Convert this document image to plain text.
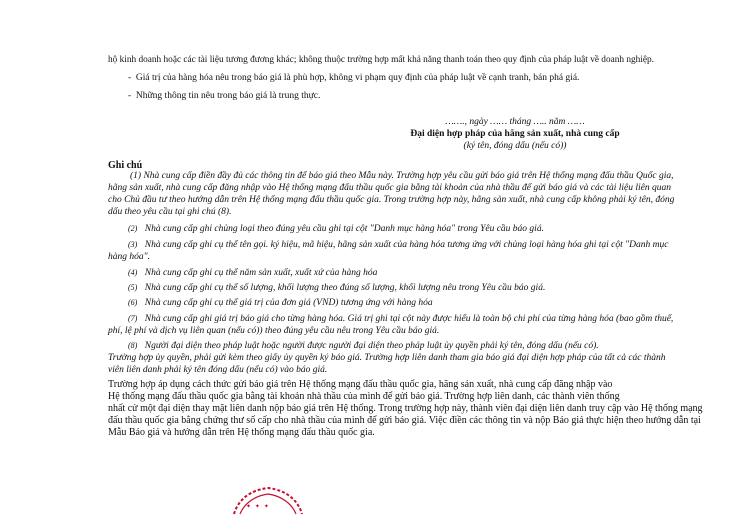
hộ kinh doanh hoặc các tài liệu tương đương khác; không thuộc trường hợp mất khả năng thanh toán theo quy định của pháp luật về doanh nghiệp.
-  Giá trị của hàng hóa nêu trong báo giá là phù hợp, không vi phạm quy định của pháp luật về cạnh tranh, bán phá giá.
-  Những thông tin nêu trong báo giá là trung thực.
……., ngày …… tháng ….. năm ……
Đại diện hợp pháp của hãng sản xuất, nhà cung cấp
(ký tên, đóng dấu (nếu có))
Ghi chú
(1) Nhà cung cấp điền đầy đủ các thông tin để báo giá theo Mẫu này. Trường hợp yêu cầu gửi báo giá trên Hệ thống mạng đấu thầu Quốc gia,
hãng sản xuất, nhà cung cấp đăng nhập vào Hệ thống mạng đấu thầu quốc gia bằng tài khoản của nhà thầu để gửi báo giá và các tài liệu liên quan
cho Chủ đầu tư theo hướng dẫn trên Hệ thống mạng đấu thầu quốc gia. Trong trường hợp này, hãng sản xuất, nhà cung cấp không phải ký tên, đóng
dấu theo yêu cầu tại ghi chú (8).
(2) Nhà cung cấp ghi chủng loại theo đúng yêu cầu ghi tại cột "Danh mục hàng hóa" trong Yêu cầu báo giá.
(3) Nhà cung cấp ghi cụ thể tên gọi. ký hiệu, mã hiệu, hãng sản xuất của hàng hóa tương ứng với chủng loại hàng hóa ghi tại cột "Danh mục
hàng hóa".
(4) Nhà cung cấp ghi cụ thể năm sản xuất, xuất xứ của hàng hóa
(5) Nhà cung cấp ghi cụ thể số lượng, khối lượng theo đúng số lượng, khối lượng nêu trong Yêu cầu báo giá.
(6) Nhà cung cấp ghi cụ thể giá trị của đơn giá (VND) tương ứng với hàng hóa
(7) Nhà cung cấp ghi giá trị báo giá cho từng hàng hóa. Giá trị ghi tại cột này được hiểu là toàn bộ chi phí của từng hàng hóa (bao gồm thuế,
phí, lệ phí và dịch vụ liên quan (nếu có)) theo đúng yêu cầu nêu trong Yêu cầu báo giá.
(8) Người đại diện theo pháp luật hoặc người được người đại diện theo pháp luật ủy quyền phải ký tên, đóng dấu (nếu có).
Trường hợp ủy quyền, phải gửi kèm theo giấy ủy quyền ký báo giá. Trường hợp liên danh tham gia báo giá đại diện hợp pháp của tất cả các thành
viên liên danh phải ký tên đóng dấu (nếu có) vào báo giá.
Trường hợp áp dụng cách thức gửi báo giá trên Hệ thống mạng đấu thầu quốc gia, hãng sản xuất, nhà cung cấp đăng nhập vào
Hệ thống mạng đấu thầu quốc gia bằng tài khoản nhà thầu của mình để gửi báo giá. Trường hợp liên danh, các thành viên thống
nhất cử một đại diện thay mặt liên danh nộp báo giá trên Hệ thống. Trong trường hợp này, thành viên đại diện liên danh truy cập vào Hệ thống mạng
đấu thầu quốc gia bằng chứng thư số cấp cho nhà thầu của mình để gửi báo giá. Việc điền các thông tin và nộp Báo giá thực hiện theo hướng dẫn tại
Mẫu Báo giá và hướng dẫn trên Hệ thống mạng đấu thầu quốc gia.
✦ ✦ ✦
